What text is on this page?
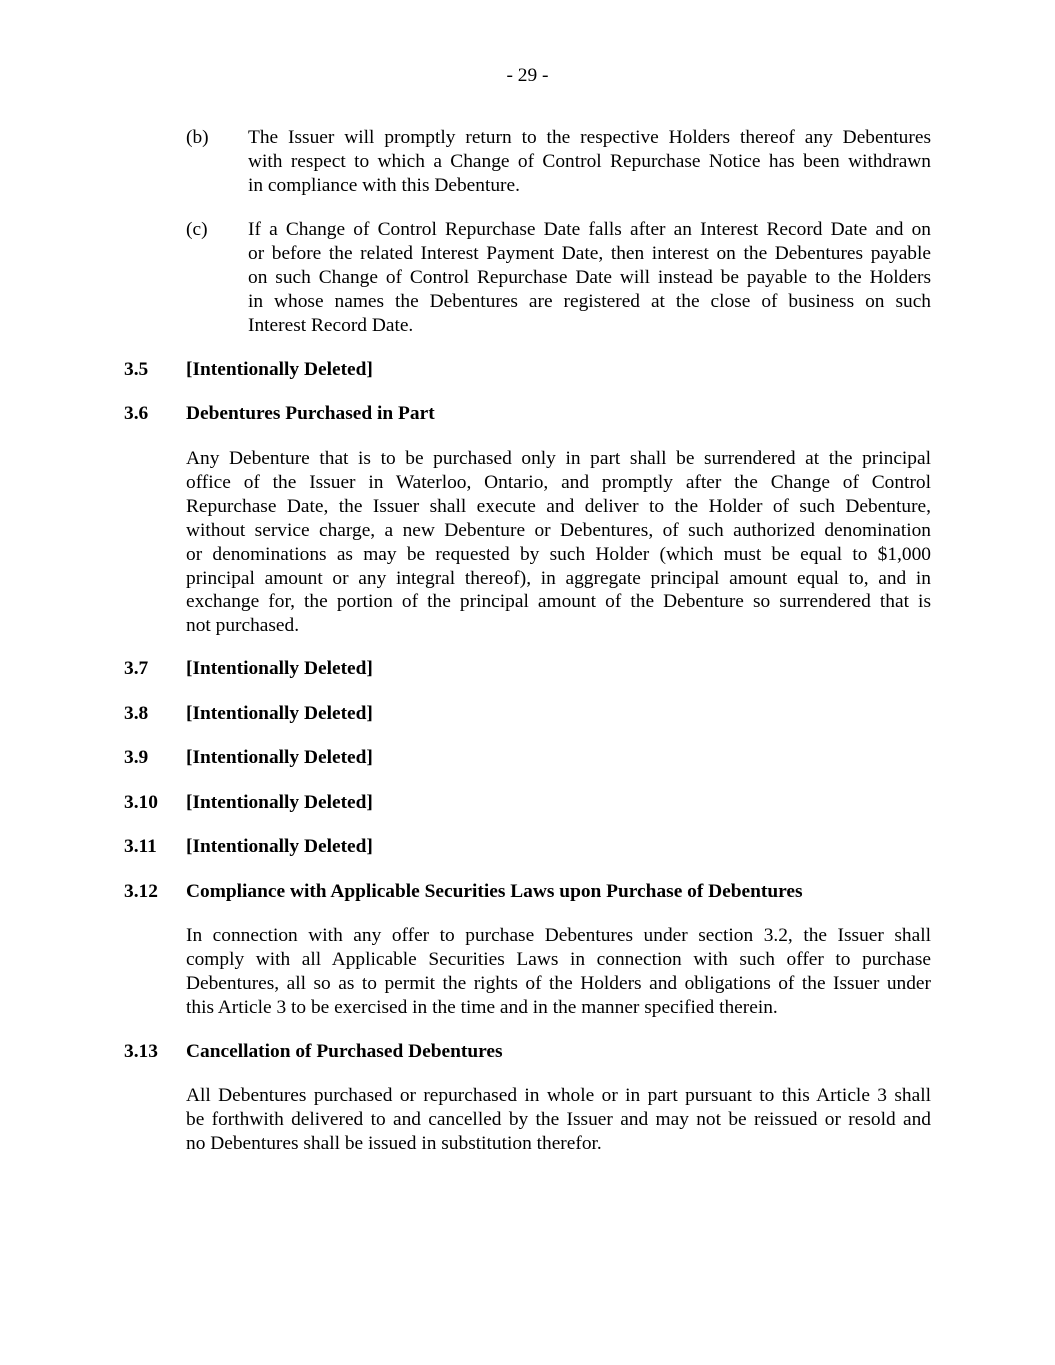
- 29 -
(b) The Issuer will promptly return to the respective Holders thereof any Debentures
with respect to which a Change of Control Repurchase Notice has been withdrawn
in compliance with this Debenture.
(c) If a Change of Control Repurchase Date falls after an Interest Record Date and on
or before the related Interest Payment Date, then interest on the Debentures payable
on such Change of Control Repurchase Date will instead be payable to the Holders
in whose names the Debentures are registered at the close of business on such
Interest Record Date.
3.5 [Intentionally Deleted]
3.6 Debentures Purchased in Part
Any Debenture that is to be purchased only in part shall be surrendered at the principal
office of the Issuer in Waterloo, Ontario, and promptly after the Change of Control
Repurchase Date, the Issuer shall execute and deliver to the Holder of such Debenture,
without service charge, a new Debenture or Debentures, of such authorized denomination
or denominations as may be requested by such Holder (which must be equal to $1,000
principal amount or any integral thereof), in aggregate principal amount equal to, and in
exchange for, the portion of the principal amount of the Debenture so surrendered that is
not purchased.
3.7 [Intentionally Deleted]
3.8 [Intentionally Deleted]
3.9 [Intentionally Deleted]
3.10 [Intentionally Deleted]
3.11 [Intentionally Deleted]
3.12 Compliance with Applicable Securities Laws upon Purchase of Debentures
In connection with any offer to purchase Debentures under section 3.2, the Issuer shall
comply with all Applicable Securities Laws in connection with such offer to purchase
Debentures, all so as to permit the rights of the Holders and obligations of the Issuer under
this Article 3 to be exercised in the time and in the manner specified therein.
3.13 Cancellation of Purchased Debentures
All Debentures purchased or repurchased in whole or in part pursuant to this Article 3 shall
be forthwith delivered to and cancelled by the Issuer and may not be reissued or resold and
no Debentures shall be issued in substitution therefor.
